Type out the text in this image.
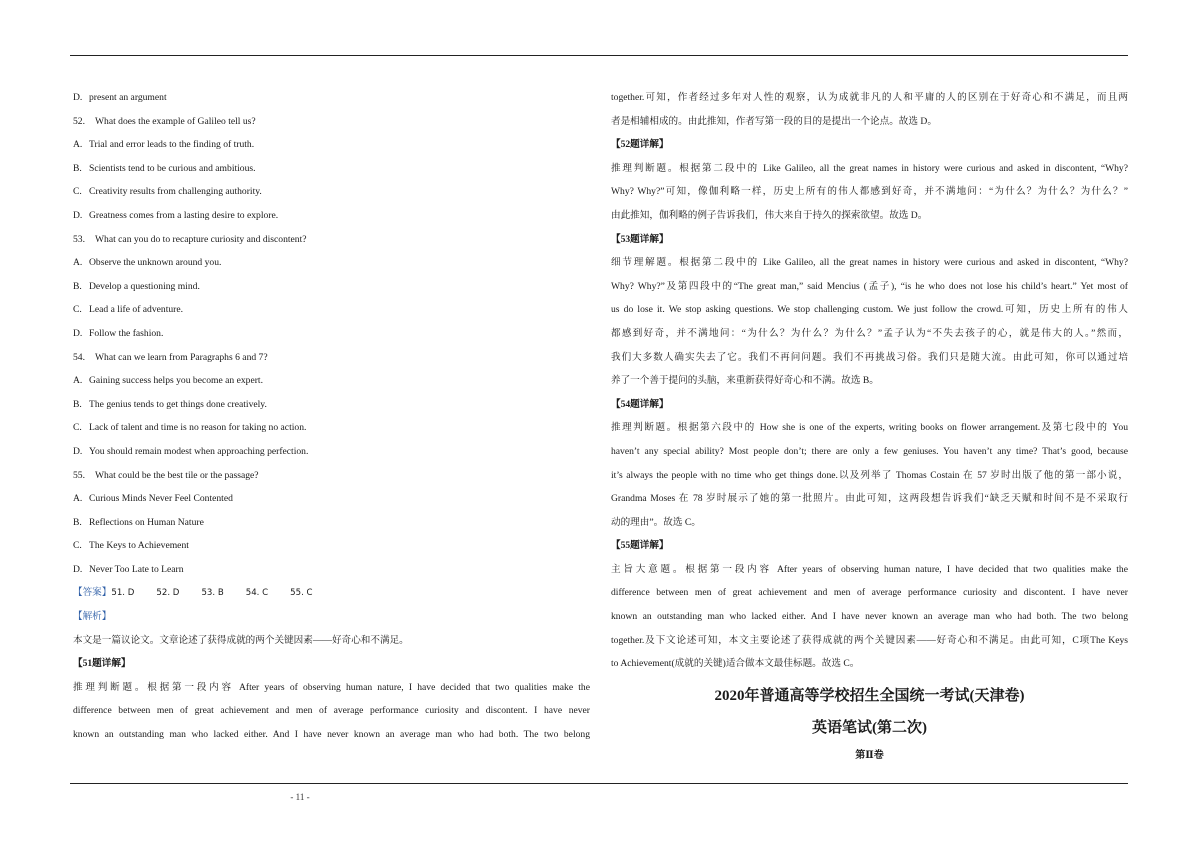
D. present an argument
52. What does the example of Galileo tell us?
A. Trial and error leads to the finding of truth.
B. Scientists tend to be curious and ambitious.
C. Creativity results from challenging authority.
D. Greatness comes from a lasting desire to explore.
53. What can you do to recapture curiosity and discontent?
A. Observe the unknown around you.
B. Develop a questioning mind.
C. Lead a life of adventure.
D. Follow the fashion.
54. What can we learn from Paragraphs 6 and 7?
A. Gaining success helps you become an expert.
B. The genius tends to get things done creatively.
C. Lack of talent and time is no reason for taking no action.
D. You should remain modest when approaching perfection.
55. What could be the best tile or the passage?
A. Curious Minds Never Feel Contented
B. Reflections on Human Nature
C. The Keys to Achievement
D. Never Too Late to Learn
【答案】51. D	52. D	53. B	54. C	55. C
【解析】
本文是一篇议论文。文章论述了获得成就的两个关键因素——好奇心和不满足。
【51题详解】
推理判断题。根据第一段内容 After years of observing human nature, I have decided that two qualities make the
difference between men of great achievement and men of average performance curiosity and discontent. I have never
known an outstanding man who lacked either. And I have never known an average man who had both. The two belong
together.可知，作者经过多年对人性的观察，认为成就非凡的人和平庸的人的区别在于好奇心和不满足，而且两
者是相辅相成的。由此推知，作者写第一段的目的是提出一个论点。故选 D。
【52题详解】
推理判断题。根据第二段中的 Like Galileo, all the great names in history were curious and asked in discontent, “Why?
Why? Why?”可知，像伽利略一样，历史上所有的伟人都感到好奇，并不满地问：“为什么？为什么？为什么？”
由此推知，伽利略的例子告诉我们，伟大来自于持久的探索欲望。故选 D。
【53题详解】
细节理解题。根据第二段中的 Like Galileo, all the great names in history were curious and asked in discontent, “Why?
Why? Why?”及第四段中的“The great man,” said Mencius (孟子), “is he who does not lose his child’s heart.” Yet most of
us do lose it. We stop asking questions. We stop challenging custom. We just follow the crowd.可知，历史上所有的伟人
都感到好奇，并不满地问：“为什么？为什么？为什么？”孟子认为“不失去孩子的心，就是伟大的人。”然而，
我们大多数人确实失去了它。我们不再问问题。我们不再挑战习俗。我们只是随大流。由此可知，你可以通过培
养了一个善于提问的头脑，来重新获得好奇心和不满。故选 B。
【54题详解】
推理判断题。根据第六段中的 How she is one of the experts, writing books on flower arrangement.及第七段中的 You
haven’t any special ability? Most people don’t; there are only a few geniuses. You haven’t any time? That’s good, because
it’s always the people with no time who get things done.以及列举了 Thomas Costain 在 57 岁时出版了他的第一部小说，
Grandma Moses 在 78 岁时展示了她的第一批照片。由此可知，这两段想告诉我们“缺乏天赋和时间不是不采取行
动的理由”。故选 C。
【55题详解】
主旨大意题。根据第一段内容 After years of observing human nature, I have decided that two qualities make the
difference between men of great achievement and men of average performance curiosity and discontent. I have never
known an outstanding man who lacked either. And I have never known an average man who had both. The two belong
together.及下文论述可知，本文主要论述了获得成就的两个关键因素——好奇心和不满足。由此可知，C项The Keys
to Achievement(成就的关键)适合做本文最佳标题。故选 C。
2020年普通高等学校招生全国统一考试(天津卷)
英语笔试(第二次)
第Ⅱ卷
- 11 -
